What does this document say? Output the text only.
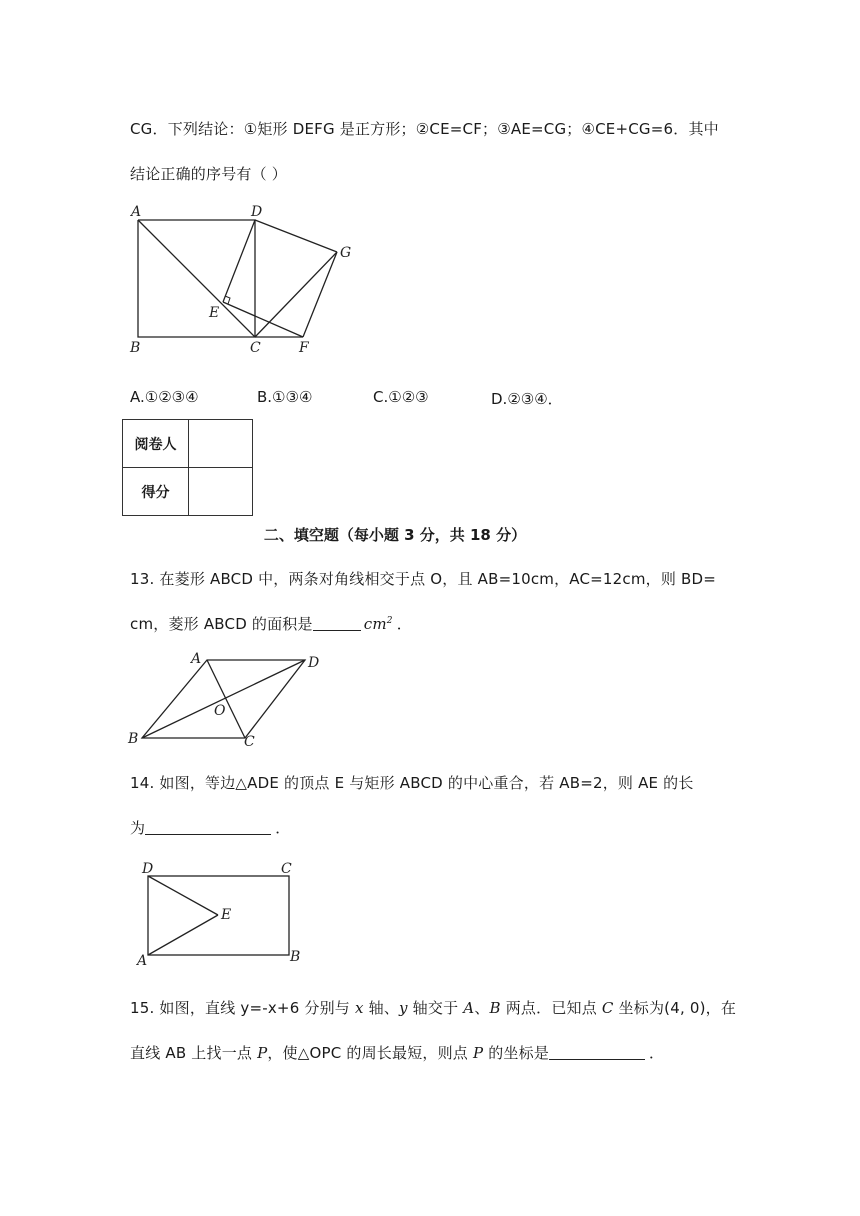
CG．下列结论：①矩形 DEFG 是正方形；②CE=CF；③AE=CG；④CE+CG=6．其中
结论正确的序号有（ ）
A	D
G
E
B	C	F
A.①②③④	B.①③④	C.①②③	D.②③④．
阅卷人	
得分	
二、填空题（每小题 3 分，共 18 分）
13. 在菱形 ABCD 中，两条对角线相交于点 O，且 AB=10cm，AC=12cm，则 BD=
cm，菱形 ABCD 的面积是	$cm^2$ ．
A	D
O
B	C
14. 如图，等边△ADE 的顶点 E 与矩形 ABCD 的中心重合，若 AB=2，则 AE 的长
为	．
D	C
E
A	B
15. 如图，直线 y=-x+6 分别与 x 轴、y 轴交于 A、B 两点．已知点 C 坐标为(4, 0)，在
直线 AB 上找一点 P，使△OPC 的周长最短，则点 P 的坐标是	．
